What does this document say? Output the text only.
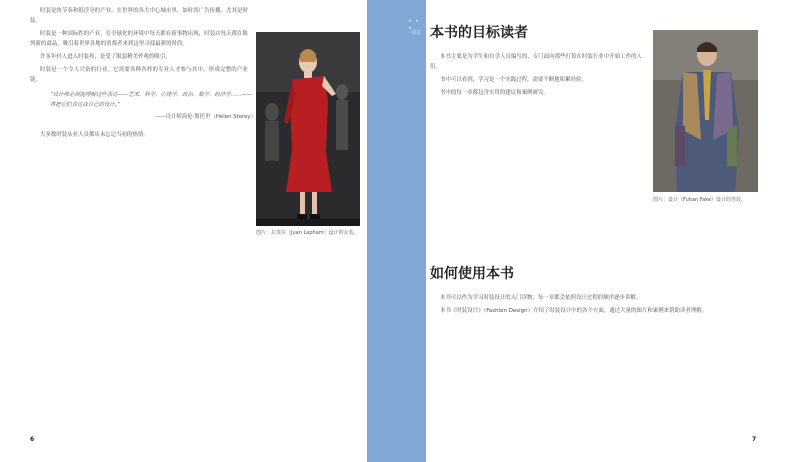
时装是快节奏和很浮夸的产业。在世界的各大中心城市里，如时尚广告传播，尤其是时装。

时装是一种国际性的产业，在全球化的环境中每天都有新事物出现，时装店每天都在陈列新的商品，吸引着世界各地的消费者来到这里寻找最新的时尚。

许多年轻人进入时装界，是受了服装精美外观的吸引。

时装是一个令人兴奋的行业，它需要各种各样的专业人才参与其中，形成完整的产业链。

“设计师必须能理解这些表达——艺术、科学、心理学、政治、数学、经济学……——再把它们表达成自己的设计。”
——设计师海伦·斯托里（Helen Storey）

大多数时装从业人员都从未忘记当初的热情。

图片：拉斐尔（Juan Lapham）设计的女装。
6
• • •
引言 本书的目标读者

本书主要是为学生和自学人员编写的，专门面向那些打算在时装行业中开始工作的人们。

书中可以看到，学习是一个实践过程，需要不断地积累经验。

书中的每一章都包含实用的建议和案例研究。

图片：设计（Fuhan Fake）设计的男装。
如何使用本书

本书可以作为学习时装设计的入门读物，每一章都会依照设计过程的顺序逐步讲解。

本书《时装设计》（Fashion Design）介绍了时装设计中的各个方面，通过大量的图片和案例来帮助读者理解。

7
